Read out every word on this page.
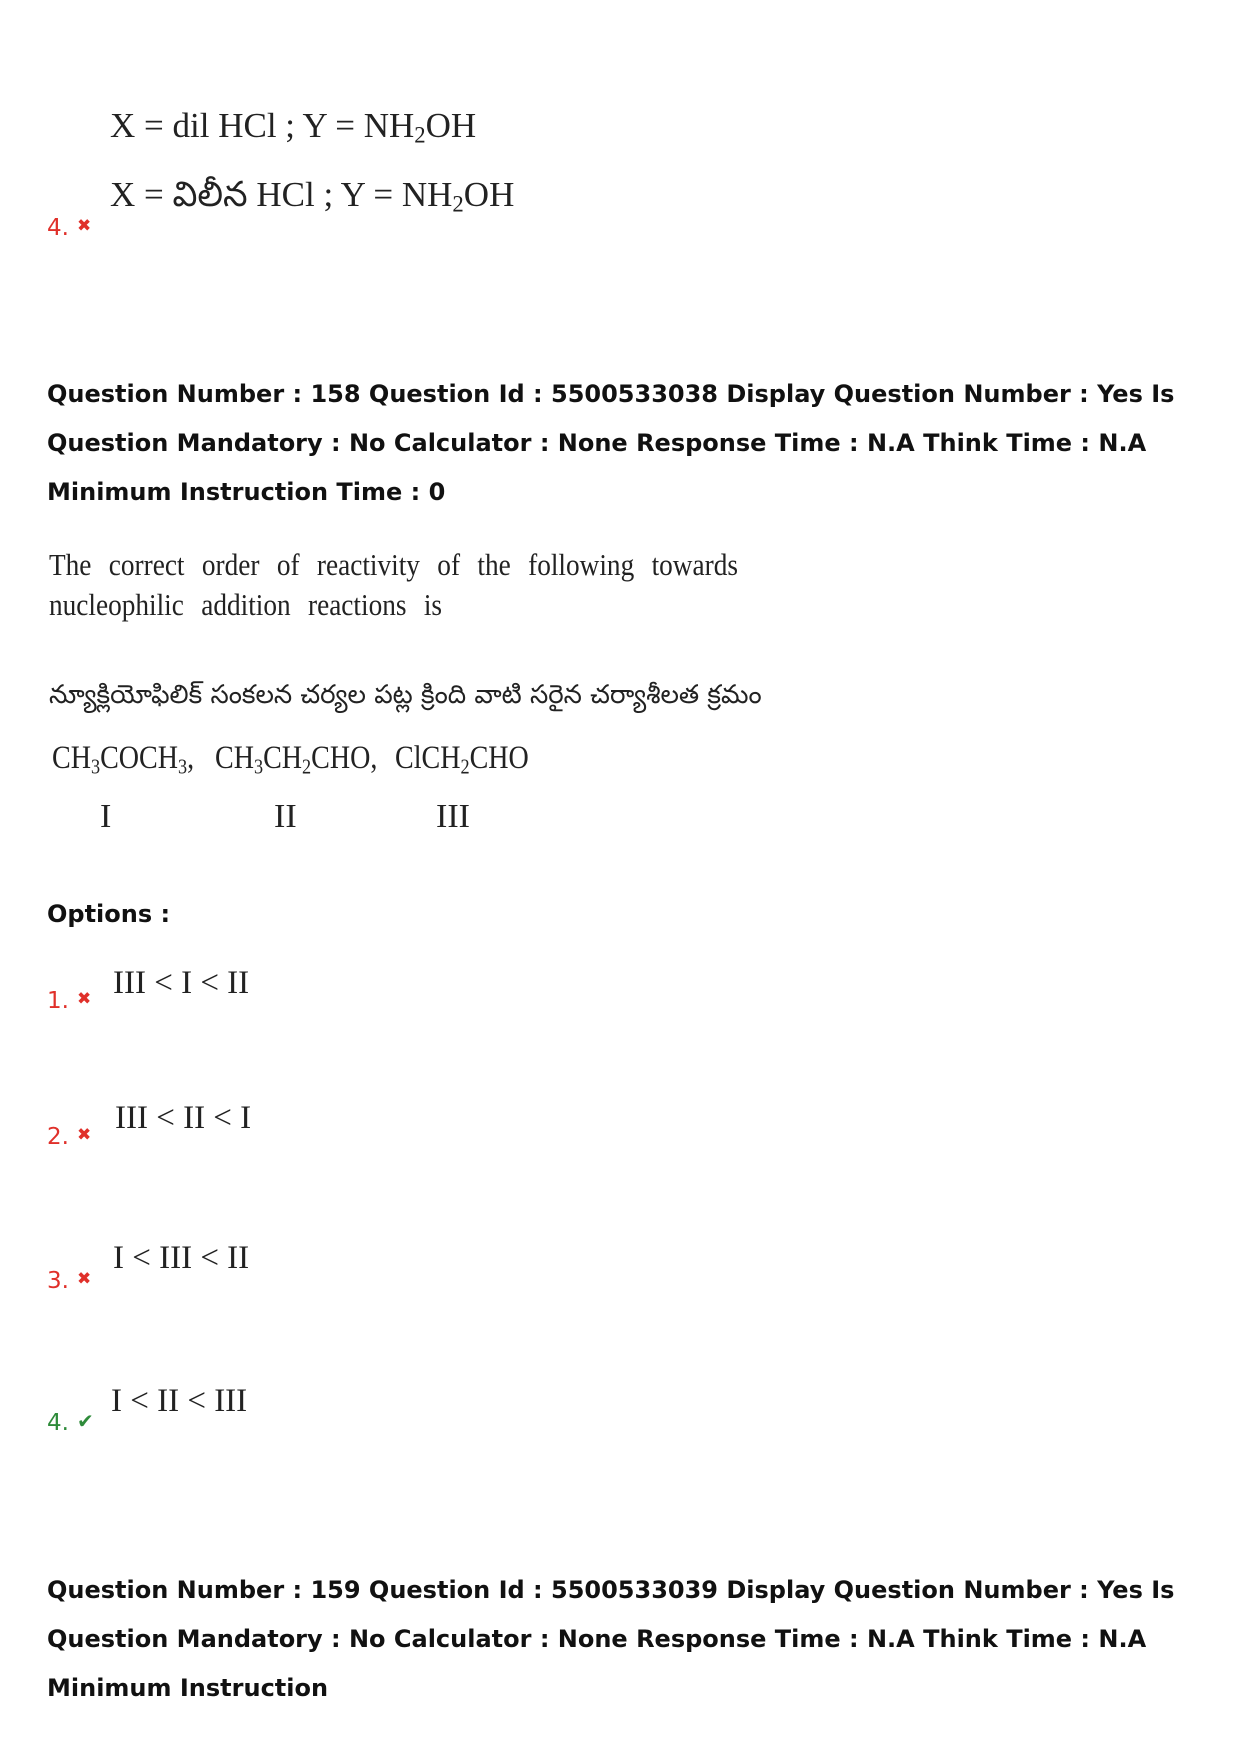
X = dil HCl ; $Y = NH_2OH$
X = విలీన HCl ; $Y = NH_2OH$
4. ✖
Question Number : 158 Question Id : 5500533038 Display Question Number : Yes Is Question Mandatory : No Calculator : None Response Time : N.A Think Time : N.A Minimum Instruction Time : 0
The correct order of reactivity of the following towards nucleophilic addition reactions is
న్యూక్లియోఫిలిక్ సంకలన చర్యల పట్ల క్రింది వాటి సరైన చర్యాశీలత క్రమం
$CH_3COCH_3$, $CH_3CH_2CHO$, ClCH$_2$CHO
I	II	III
Options :
1. ✖ III < I < II
2. ✖ III < II < I
3. ✖
I < III < II
4. ✔
I < II < III
Question Number : 159 Question Id : 5500533039 Display Question Number : Yes Is Question Mandatory : No Calculator : None Response Time : N.A Think Time : N.A Minimum Instruction
